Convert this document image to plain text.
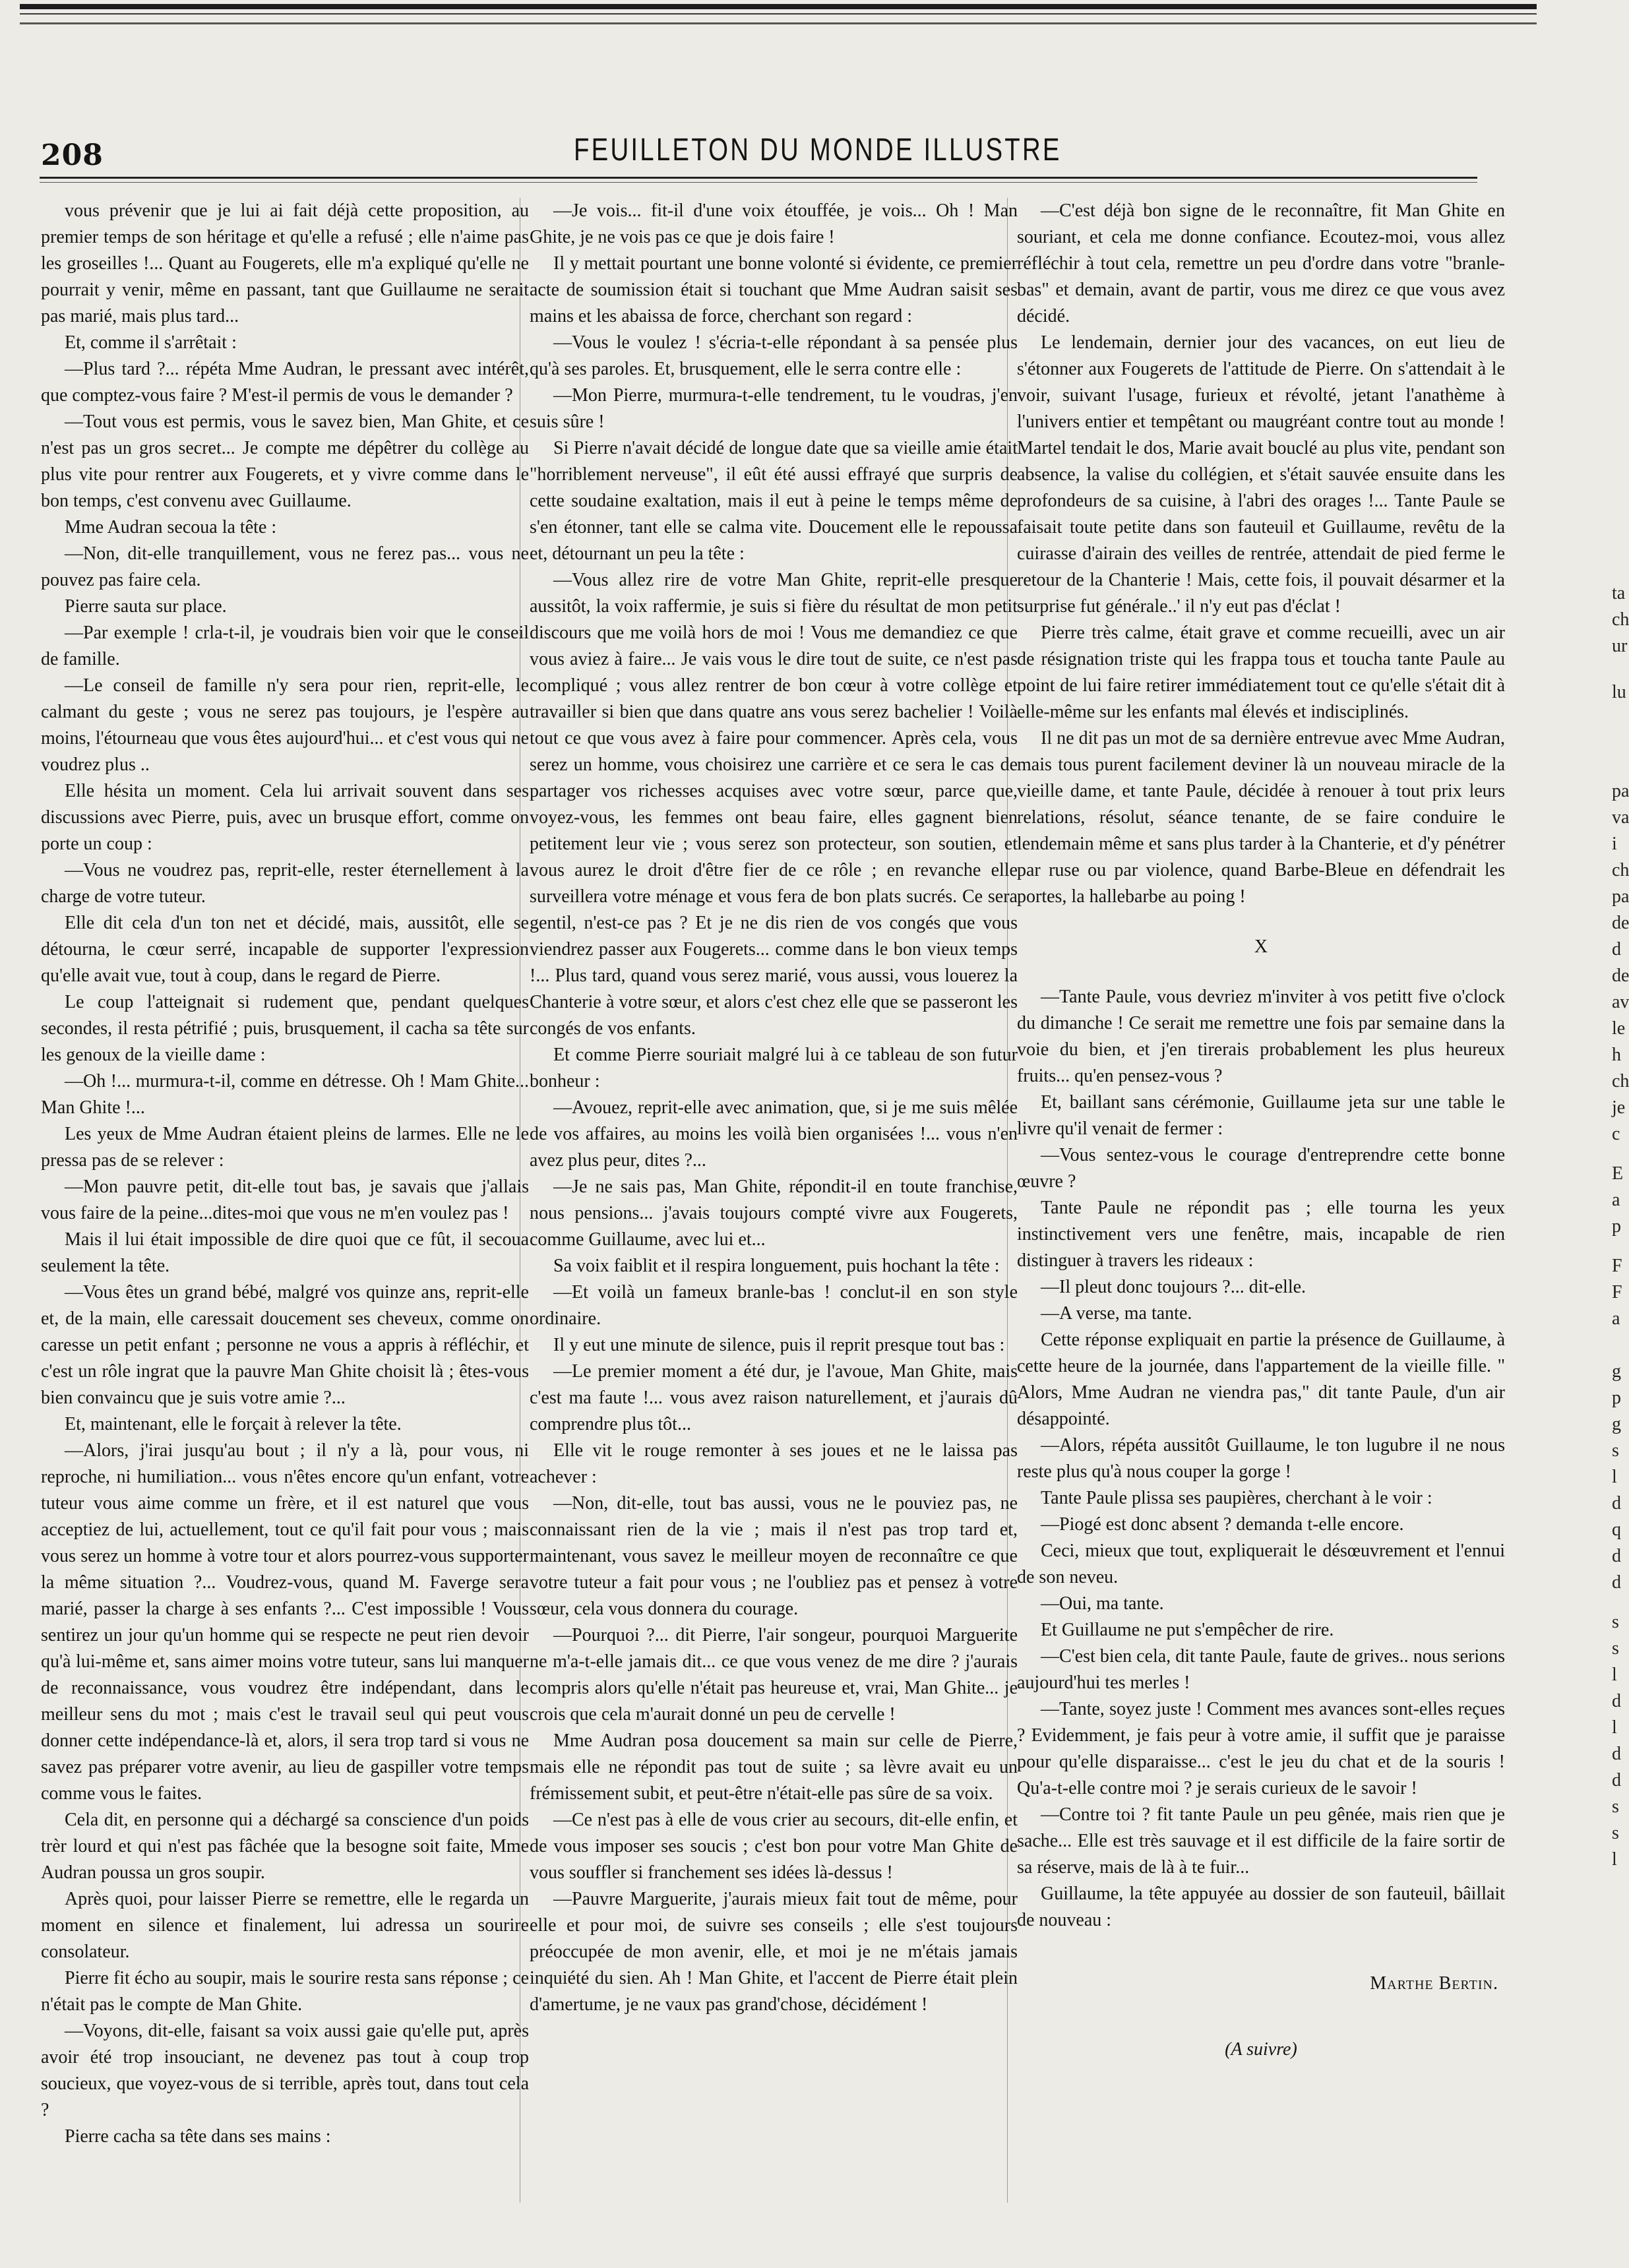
208	FEUILLETON DU MONDE ILLUSTRE

vous prévenir que je lui ai fait déjà cette proposition, au premier temps de son héritage et qu'elle a refusé ; elle n'aime pas les groseilles !... Quant au Fougerets, elle m'a expliqué qu'elle ne pourrait y venir, même en passant, tant que Guillaume ne serait pas marié, mais plus tard...

Et, comme il s'arrêtait :

—Plus tard ?... répéta Mme Audran, le pressant avec intérêt, que comptez-vous faire ? M'est-il permis de vous le demander ?

—Tout vous est permis, vous le savez bien, Man Ghite, et ce n'est pas un gros secret... Je compte me dépêtrer du collège au plus vite pour rentrer aux Fougerets, et y vivre comme dans le bon temps, c'est convenu avec Guillaume.

Mme Audran secoua la tête :

—Non, dit-elle tranquillement, vous ne ferez pas... vous ne pouvez pas faire cela.

Pierre sauta sur place.

—Par exemple ! crla-t-il, je voudrais bien voir que le conseil de famille.

—Le conseil de famille n'y sera pour rien, reprit-elle, le calmant du geste ; vous ne serez pas toujours, je l'espère au moins, l'étourneau que vous êtes aujourd'hui... et c'est vous qui ne voudrez plus ..

Elle hésita un moment. Cela lui arrivait souvent dans ses discussions avec Pierre, puis, avec un brusque effort, comme on porte un coup :

—Vous ne voudrez pas, reprit-elle, rester éternellement à la charge de votre tuteur.

Elle dit cela d'un ton net et décidé, mais, aussitôt, elle se détourna, le cœur serré, incapable de supporter l'expression qu'elle avait vue, tout à coup, dans le regard de Pierre.

Le coup l'atteignait si rudement que, pendant quelques secondes, il resta pétrifié ; puis, brusquement, il cacha sa tête sur les genoux de la vieille dame :

—Oh !... murmura-t-il, comme en détresse. Oh ! Mam Ghite... Man Ghite !...

Les yeux de Mme Audran étaient pleins de larmes. Elle ne le pressa pas de se relever :

—Mon pauvre petit, dit-elle tout bas, je savais que j'allais vous faire de la peine...dites-moi que vous ne m'en voulez pas !

Mais il lui était impossible de dire quoi que ce fût, il secoua seulement la tête.

—Vous êtes un grand bébé, malgré vos quinze ans, reprit-elle et, de la main, elle caressait doucement ses cheveux, comme on caresse un petit enfant ; personne ne vous a appris à réfléchir, et c'est un rôle ingrat que la pauvre Man Ghite choisit là ; êtes-vous bien convaincu que je suis votre amie ?...

Et, maintenant, elle le forçait à relever la tête.

—Alors, j'irai jusqu'au bout ; il n'y a là, pour vous, ni reproche, ni humiliation... vous n'êtes encore qu'un enfant, votre tuteur vous aime comme un frère, et il est naturel que vous acceptiez de lui, actuellement, tout ce qu'il fait pour vous ; mais vous serez un homme à votre tour et alors pourrez-vous supporter la même situation ?... Voudrez-vous, quand M. Faverge sera marié, passer la charge à ses enfants ?... C'est impossible ! Vous sentirez un jour qu'un homme qui se respecte ne peut rien devoir qu'à lui-même et, sans aimer moins votre tuteur, sans lui manquer de reconnaissance, vous voudrez être indépendant, dans le meilleur sens du mot ; mais c'est le travail seul qui peut vous donner cette indépendance-là et, alors, il sera trop tard si vous ne savez pas préparer votre avenir, au lieu de gaspiller votre temps comme vous le faites.

Cela dit, en personne qui a déchargé sa conscience d'un poids trèr lourd et qui n'est pas fâchée que la besogne soit faite, Mme Audran poussa un gros soupir.

Après quoi, pour laisser Pierre se remettre, elle le regarda un moment en silence et finalement, lui adressa un sourire consolateur.

Pierre fit écho au soupir, mais le sourire resta sans réponse ; ce n'était pas le compte de Man Ghite.

—Voyons, dit-elle, faisant sa voix aussi gaie qu'elle put, après avoir été trop insouciant, ne devenez pas tout à coup trop soucieux, que voyez-vous de si terrible, après tout, dans tout cela ?

Pierre cacha sa tête dans ses mains :

—Je vois... fit-il d'une voix étouffée, je vois... Oh ! Man Ghite, je ne vois pas ce que je dois faire !

Il y mettait pourtant une bonne volonté si évidente, ce premier acte de soumission était si touchant que Mme Audran saisit ses mains et les abaissa de force, cherchant son regard :

—Vous le voulez ! s'écria-t-elle répondant à sa pensée plus qu'à ses paroles. Et, brusquement, elle le serra contre elle :

—Mon Pierre, murmura-t-elle tendrement, tu le voudras, j'en suis sûre !

Si Pierre n'avait décidé de longue date que sa vieille amie était "horriblement nerveuse", il eût été aussi effrayé que surpris de cette soudaine exaltation, mais il eut à peine le temps même de s'en étonner, tant elle se calma vite. Doucement elle le repoussa et, détournant un peu la tête :

—Vous allez rire de votre Man Ghite, reprit-elle presque aussitôt, la voix raffermie, je suis si fière du résultat de mon petit discours que me voilà hors de moi ! Vous me demandiez ce que vous aviez à faire... Je vais vous le dire tout de suite, ce n'est pas compliqué ; vous allez rentrer de bon cœur à votre collège et travailler si bien que dans quatre ans vous serez bachelier ! Voilà tout ce que vous avez à faire pour commencer. Après cela, vous serez un homme, vous choisirez une carrière et ce sera le cas de partager vos richesses acquises avec votre sœur, parce que, voyez-vous, les femmes ont beau faire, elles gagnent bien petitement leur vie ; vous serez son protecteur, son soutien, et vous aurez le droit d'être fier de ce rôle ; en revanche elle surveillera votre ménage et vous fera de bon plats sucrés. Ce sera gentil, n'est-ce pas ? Et je ne dis rien de vos congés que vous viendrez passer aux Fougerets... comme dans le bon vieux temps !... Plus tard, quand vous serez marié, vous aussi, vous louerez la Chanterie à votre sœur, et alors c'est chez elle que se passeront les congés de vos enfants.

Et comme Pierre souriait malgré lui à ce tableau de son futur bonheur :

—Avouez, reprit-elle avec animation, que, si je me suis mêlée de vos affaires, au moins les voilà bien organisées !... vous n'en avez plus peur, dites ?...

—Je ne sais pas, Man Ghite, répondit-il en toute franchise, nous pensions... j'avais toujours compté vivre aux Fougerets, comme Guillaume, avec lui et...

Sa voix faiblit et il respira longuement, puis hochant la tête :

—Et voilà un fameux branle-bas ! conclut-il en son style ordinaire.

Il y eut une minute de silence, puis il reprit presque tout bas :

—Le premier moment a été dur, je l'avoue, Man Ghite, mais c'est ma faute !... vous avez raison naturellement, et j'aurais dû comprendre plus tôt...

Elle vit le rouge remonter à ses joues et ne le laissa pas achever :

—Non, dit-elle, tout bas aussi, vous ne le pouviez pas, ne connaissant rien de la vie ; mais il n'est pas trop tard et, maintenant, vous savez le meilleur moyen de reconnaître ce que votre tuteur a fait pour vous ; ne l'oubliez pas et pensez à votre sœur, cela vous donnera du courage.

—Pourquoi ?... dit Pierre, l'air songeur, pourquoi Marguerite ne m'a-t-elle jamais dit... ce que vous venez de me dire ? j'aurais compris alors qu'elle n'était pas heureuse et, vrai, Man Ghite... je crois que cela m'aurait donné un peu de cervelle !

Mme Audran posa doucement sa main sur celle de Pierre, mais elle ne répondit pas tout de suite ; sa lèvre avait eu un frémissement subit, et peut-être n'était-elle pas sûre de sa voix.

—Ce n'est pas à elle de vous crier au secours, dit-elle enfin, et de vous imposer ses soucis ; c'est bon pour votre Man Ghite de vous souffler si franchement ses idées là-dessus !

—Pauvre Marguerite, j'aurais mieux fait tout de même, pour elle et pour moi, de suivre ses conseils ; elle s'est toujours préoccupée de mon avenir, elle, et moi je ne m'étais jamais inquiété du sien. Ah ! Man Ghite, et l'accent de Pierre était plein d'amertume, je ne vaux pas grand'chose, décidément !

—C'est déjà bon signe de le reconnaître, fit Man Ghite en souriant, et cela me donne confiance. Ecoutez-moi, vous allez réfléchir à tout cela, remettre un peu d'ordre dans votre "branle-bas" et demain, avant de partir, vous me direz ce que vous avez décidé.

Le lendemain, dernier jour des vacances, on eut lieu de s'étonner aux Fougerets de l'attitude de Pierre. On s'attendait à le voir, suivant l'usage, furieux et révolté, jetant l'anathème à l'univers entier et tempêtant ou maugréant contre tout au monde ! Martel tendait le dos, Marie avait bouclé au plus vite, pendant son absence, la valise du collégien, et s'était sauvée ensuite dans les profondeurs de sa cuisine, à l'abri des orages !... Tante Paule se faisait toute petite dans son fauteuil et Guillaume, revêtu de la cuirasse d'airain des veilles de rentrée, attendait de pied ferme le retour de la Chanterie ! Mais, cette fois, il pouvait désarmer et la surprise fut générale..' il n'y eut pas d'éclat !

Pierre très calme, était grave et comme recueilli, avec un air de résignation triste qui les frappa tous et toucha tante Paule au point de lui faire retirer immédiatement tout ce qu'elle s'était dit à elle-même sur les enfants mal élevés et indisciplinés.

Il ne dit pas un mot de sa dernière entrevue avec Mme Audran, mais tous purent facilement deviner là un nouveau miracle de la vieille dame, et tante Paule, décidée à renouer à tout prix leurs relations, résolut, séance tenante, de se faire conduire le lendemain même et sans plus tarder à la Chanterie, et d'y pénétrer par ruse ou par violence, quand Barbe-Bleue en défendrait les portes, la hallebarbe au poing !

X

—Tante Paule, vous devriez m'inviter à vos petitt five o'clock du dimanche ! Ce serait me remettre une fois par semaine dans la voie du bien, et j'en tirerais probablement les plus heureux fruits... qu'en pensez-vous ?

Et, baillant sans cérémonie, Guillaume jeta sur une table le livre qu'il venait de fermer :

—Vous sentez-vous le courage d'entreprendre cette bonne œuvre ?

Tante Paule ne répondit pas ; elle tourna les yeux instinctivement vers une fenêtre, mais, incapable de rien distinguer à travers les rideaux :

—Il pleut donc toujours ?... dit-elle.

—A verse, ma tante.

Cette réponse expliquait en partie la présence de Guillaume, à cette heure de la journée, dans l'appartement de la vieille fille. " Alors, Mme Audran ne viendra pas," dit tante Paule, d'un air désappointé.

—Alors, répéta aussitôt Guillaume, le ton lugubre il ne nous reste plus qu'à nous couper la gorge !

Tante Paule plissa ses paupières, cherchant à le voir :

—Piogé est donc absent ? demanda t-elle encore.

Ceci, mieux que tout, expliquerait le désœuvrement et l'ennui de son neveu.

—Oui, ma tante.

Et Guillaume ne put s'empêcher de rire.

—C'est bien cela, dit tante Paule, faute de grives.. nous serions aujourd'hui tes merles !

—Tante, soyez juste ! Comment mes avances sont-elles reçues ? Evidemment, je fais peur à votre amie, il suffit que je paraisse pour qu'elle disparaisse... c'est le jeu du chat et de la souris ! Qu'a-t-elle contre moi ? je serais curieux de le savoir !

—Contre toi ? fit tante Paule un peu gênée, mais rien que je sache... Elle est très sauvage et il est difficile de la faire sortir de sa réserve, mais de là à te fuir...

Guillaume, la tête appuyée au dossier de son fauteuil, bâillait de nouveau :

Marthe Bertin.
(A suivre)
ta
ch
ur
lu
pa
va
i
ch
pa
de
d
de
av
le
h
ch
je
c
E
a
p
F
F
a
g
p
g
s
l
d
q
d
d
s
s
l
d
l
d
d
s
s
l
